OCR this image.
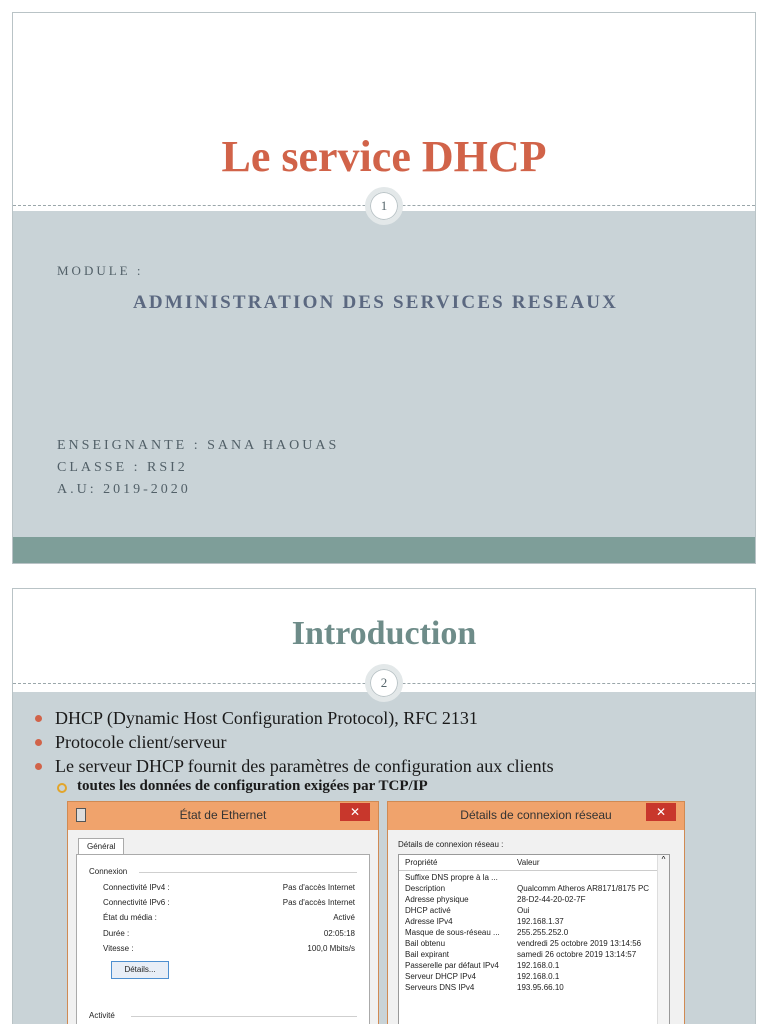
Le service DHCP
1
MODULE :
ADMINISTRATION DES SERVICES RESEAUX
ENSEIGNANTE : SANA HAOUAS
CLASSE : RSI2
A.U: 2019-2020
Introduction
2
DHCP (Dynamic Host Configuration Protocol), RFC 2131
Protocole client/serveur
Le serveur DHCP fournit des paramètres de configuration aux clients
toutes les données de configuration exigées par TCP/IP
État de Ethernet	✕
Général
Connexion
Connectivité IPv4 :	Pas d'accès Internet
Connectivité IPv6 :	Pas d'accès Internet
État du média :	Activé
Durée :	02:05:18
Vitesse :	100,0 Mbits/s
Détails...
Activité
Détails de connexion réseau	✕
Détails de connexion réseau :
Propriété	Valeur	^
Suffixe DNS propre à la ...
Description	Qualcomm Atheros AR8171/8175 PC
Adresse physique	28-D2-44-20-02-7F
DHCP activé	Oui
Adresse IPv4	192.168.1.37
Masque de sous-réseau ...	255.255.252.0
Bail obtenu	vendredi 25 octobre 2019 13:14:56
Bail expirant	samedi 26 octobre 2019 13:14:57
Passerelle par défaut IPv4	192.168.0.1
Serveur DHCP IPv4	192.168.0.1
Serveurs DNS IPv4	193.95.66.10
